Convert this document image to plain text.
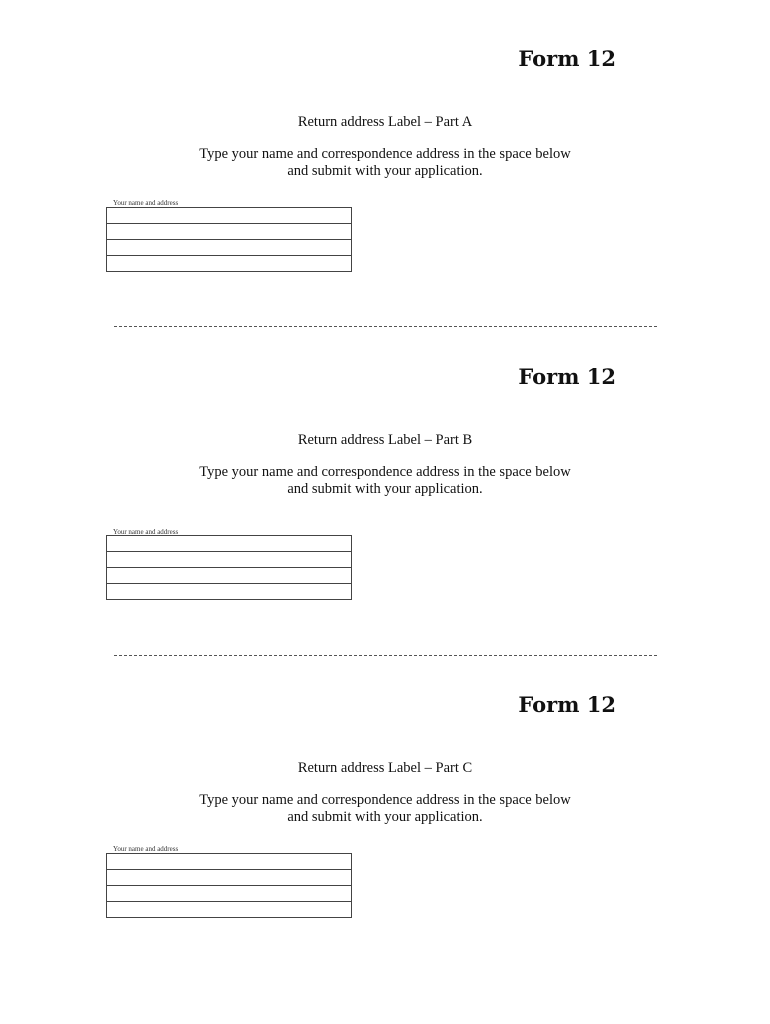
Form 12
Return address Label – Part A
Type your name and correspondence address in the space below
and submit with your application.
Your name and address
Form 12
Return address Label – Part B
Type your name and correspondence address in the space below
and submit with your application.
Your name and address
Form 12
Return address Label – Part C
Type your name and correspondence address in the space below
and submit with your application.
Your name and address
